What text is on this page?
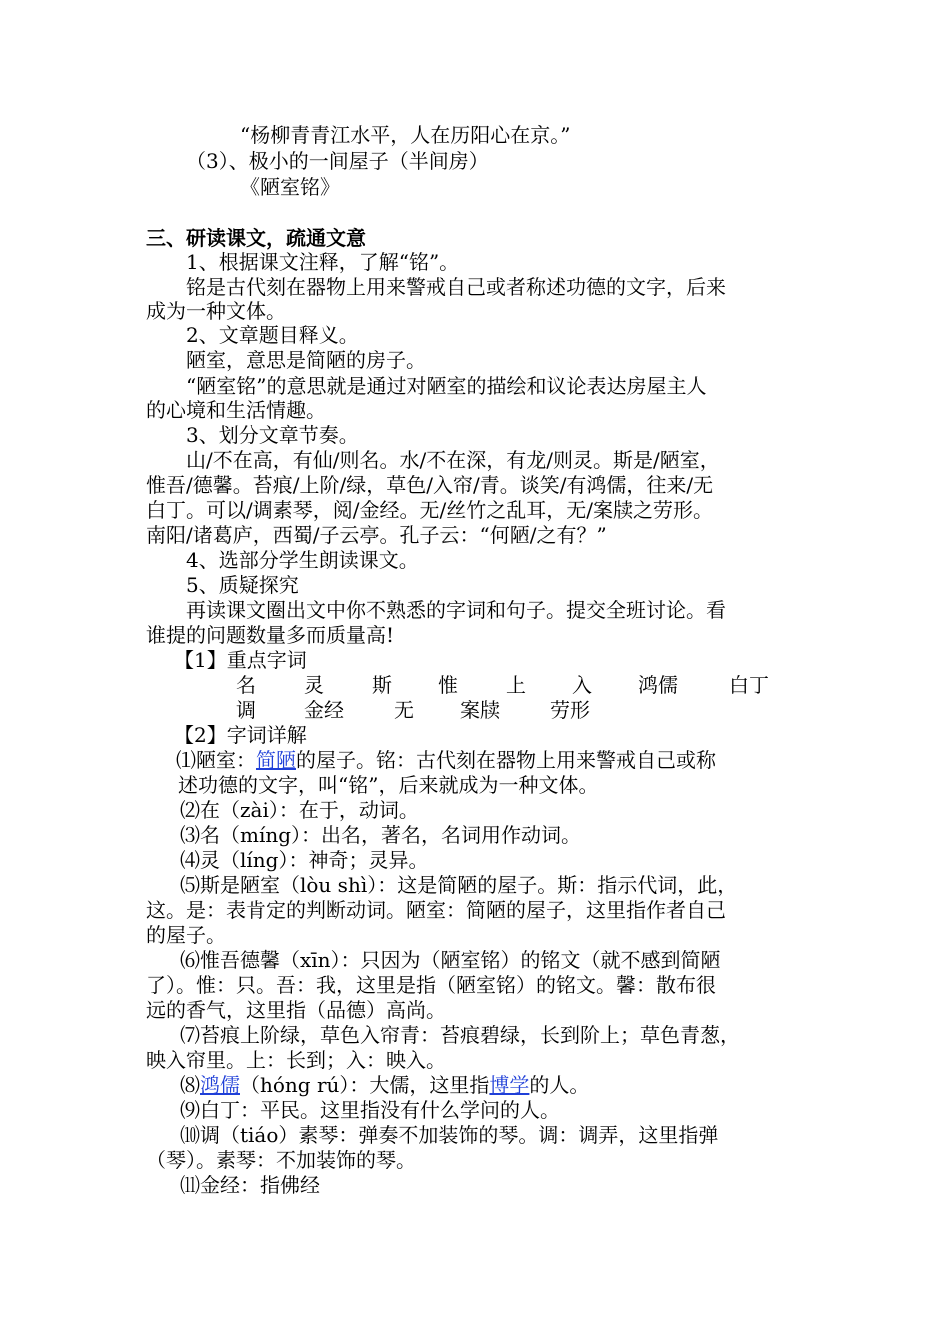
“杨柳青青江水平，人在历阳心在京。”
（3）、极小的一间屋子（半间房）
《陋室铭》
三、研读课文，疏通文意
1、根据课文注释，了解“铭”。
铭是古代刻在器物上用来警戒自己或者称述功德的文字，后来
成为一种文体。
2、文章题目释义。
陋室，意思是简陋的房子。
“陋室铭”的意思就是通过对陋室的描绘和议论表达房屋主人
的心境和生活情趣。
3、划分文章节奏。
山/不在高，有仙/则名。水/不在深，有龙/则灵。斯是/陋室，
惟吾/德馨。苔痕/上阶/绿，草色/入帘/青。谈笑/有鸿儒，往来/无
白丁。可以/调素琴，阅/金经。无/丝竹之乱耳，无/案牍之劳形。
南阳/诸葛庐，西蜀/子云亭。孔子云：“何陋/之有？”
4、选部分学生朗读课文。
5、质疑探究
再读课文圈出文中你不熟悉的字词和句子。提交全班讨论。看
谁提的问题数量多而质量高!
【1】重点字词
名 灵 斯 惟 上 入 鸿儒	白丁
调 金经	无 案牍	劳形
【2】字词详解
⑴陋室：简陋的屋子。铭：古代刻在器物上用来警戒自己或称
述功德的文字，叫“铭”，后来就成为一种文体。
⑵在（zài）：在于，动词。
⑶名（míng）：出名，著名，名词用作动词。
⑷灵（líng）：神奇；灵异。
⑸斯是陋室（lòu shì）：这是简陋的屋子。斯：指示代词，此，
这。是：表肯定的判断动词。陋室：简陋的屋子，这里指作者自己
的屋子。
⑹惟吾德馨（xīn）：只因为（陋室铭）的铭文（就不感到简陋
了）。惟：只。吾：我，这里是指（陋室铭）的铭文。馨：散布很
远的香气，这里指（品德）高尚。
⑺苔痕上阶绿，草色入帘青：苔痕碧绿，长到阶上；草色青葱，
映入帘里。上：长到；入：映入。
⑻鸿儒（hóng rú）：大儒，这里指博学的人。
⑼白丁：平民。这里指没有什么学问的人。
⑽调（tiáo）素琴：弹奏不加装饰的琴。调：调弄，这里指弹
（琴）。素琴：不加装饰的琴。
⑾金经：指佛经
